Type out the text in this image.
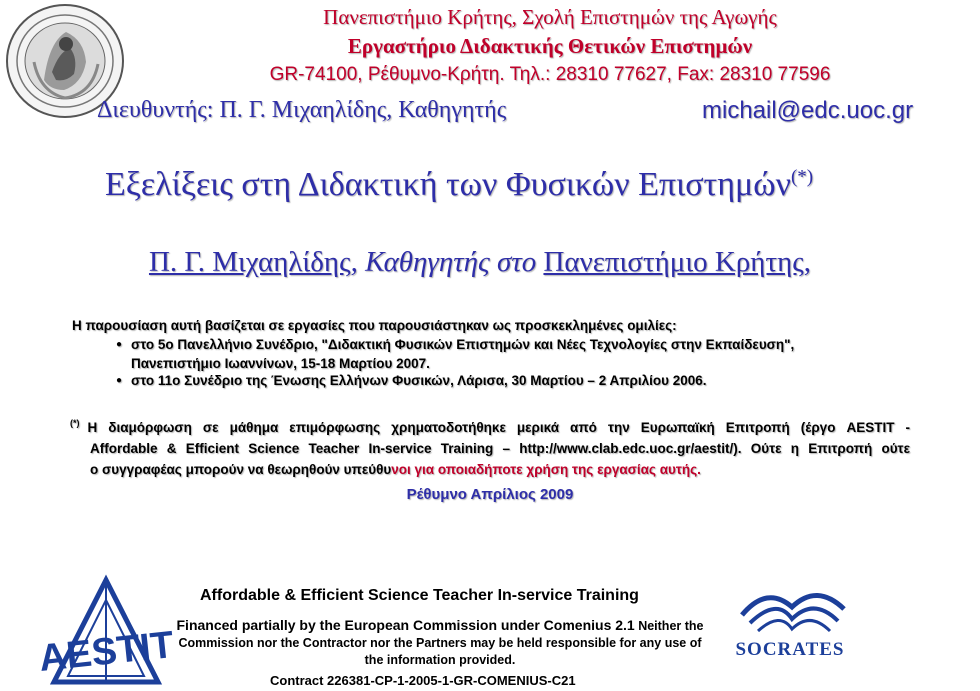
Πανεπιστήμιο Κρήτης, Σχολή Επιστημών της Αγωγής
Εργαστήριο Διδακτικής Θετικών Επιστημών
GR-74100, Ρέθυμνο-Κρήτη. Τηλ.: 28310 77627, Fax: 28310 77596
Διευθυντής: Π. Γ. Μιχαηλίδης, Καθηγητής	michail@edc.uoc.gr
Εξελίξεις στη Διδακτική των Φυσικών Επιστημών(*)
Π. Γ. Μιχαηλίδης, Καθηγητής στο Πανεπιστήμιο Κρήτης,
Η παρουσίαση αυτή βασίζεται σε εργασίες που παρουσιάστηκαν ως προσκεκλημένες ομιλίες:
● στο 5ο Πανελλήνιο Συνέδριο, "Διδακτική Φυσικών Επιστημών και Νέες Τεχνολογίες στην Εκπαίδευση",
Πανεπιστήμιο Ιωαννίνων, 15-18 Μαρτίου 2007.
● στο 11ο Συνέδριο της Ένωσης Ελλήνων Φυσικών, Λάρισα, 30 Μαρτίου – 2 Απριλίου 2006.
(*) Η διαμόρφωση σε μάθημα επιμόρφωσης χρηματοδοτήθηκε μερικά από την Ευρωπαϊκή Επιτροπή (έργο AESTIT -
Affordable & Efficient Science Teacher In-service Training – http://www.clab.edc.uoc.gr/aestit/). Ούτε η Επιτροπή ούτε
ο συγγραφέας μπορούν να θεωρηθούν υπεύθυνοι για οποιαδήποτε χρήση της εργασίας αυτής.
Ρέθυμνο Απρίλιος 2009
AESTIT
Affordable & Efficient Science Teacher In-service Training
Financed partially by the European Commission under Comenius 2.1 Neither the Commission nor the Contractor nor the Partners may be held responsible for any use of the information provided.
Contract 226381-CP-1-2005-1-GR-COMENIUS-C21
SOCRATES
